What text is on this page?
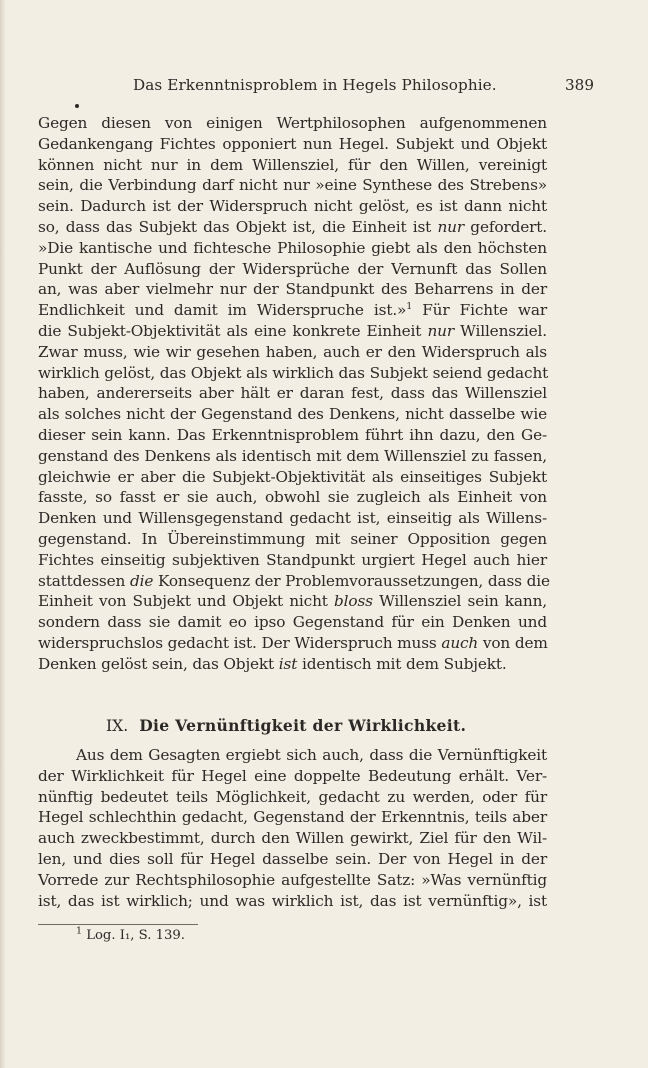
Das Erkenntnisproblem in Hegels Philosophie.	389
Gegen diesen von einigen Wertphilosophen aufgenommenen
Gedankengang Fichtes opponiert nun Hegel. Subjekt und Objekt
können nicht nur in dem Willensziel, für den Willen, vereinigt
sein, die Verbindung darf nicht nur »eine Synthese des Strebens»
sein. Dadurch ist der Widerspruch nicht gelöst, es ist dann nicht
so, dass das Subjekt das Objekt ist, die Einheit ist nur gefordert.
»Die kantische und fichtesche Philosophie giebt als den höchsten
Punkt der Auflösung der Widersprüche der Vernunft das Sollen
an, was aber vielmehr nur der Standpunkt des Beharrens in der
Endlichkeit und damit im Widerspruche ist.»$^1$ Für Fichte war
die Subjekt-Objektivität als eine konkrete Einheit nur Willensziel.
Zwar muss, wie wir gesehen haben, auch er den Widerspruch als
wirklich gelöst, das Objekt als wirklich das Subjekt seiend gedacht
haben, andererseits aber hält er daran fest, dass das Willensziel
als solches nicht der Gegenstand des Denkens, nicht dasselbe wie
dieser sein kann. Das Erkenntnisproblem führt ihn dazu, den Ge-
genstand des Denkens als identisch mit dem Willensziel zu fassen,
gleichwie er aber die Subjekt-Objektivität als einseitiges Subjekt
fasste, so fasst er sie auch, obwohl sie zugleich als Einheit von
Denken und Willensgegenstand gedacht ist, einseitig als Willens-
gegenstand. In Übereinstimmung mit seiner Opposition gegen
Fichtes einseitig subjektiven Standpunkt urgiert Hegel auch hier
stattdessen die Konsequenz der Problemvoraussetzungen, dass die
Einheit von Subjekt und Objekt nicht bloss Willensziel sein kann,
sondern dass sie damit eo ipso Gegenstand für ein Denken und
widerspruchslos gedacht ist. Der Widerspruch muss auch von dem
Denken gelöst sein, das Objekt ist identisch mit dem Subjekt.
IX. Die Vernünftigkeit der Wirklichkeit.
Aus dem Gesagten ergiebt sich auch, dass die Vernünftigkeit
der Wirklichkeit für Hegel eine doppelte Bedeutung erhält. Ver-
nünftig bedeutet teils Möglichkeit, gedacht zu werden, oder für
Hegel schlechthin gedacht, Gegenstand der Erkenntnis, teils aber
auch zweckbestimmt, durch den Willen gewirkt, Ziel für den Wil-
len, und dies soll für Hegel dasselbe sein. Der von Hegel in der
Vorrede zur Rechtsphilosophie aufgestellte Satz: »Was vernünftig
ist, das ist wirklich; und was wirklich ist, das ist vernünftig», ist
$^1$ Log. I₁, S. 139.
